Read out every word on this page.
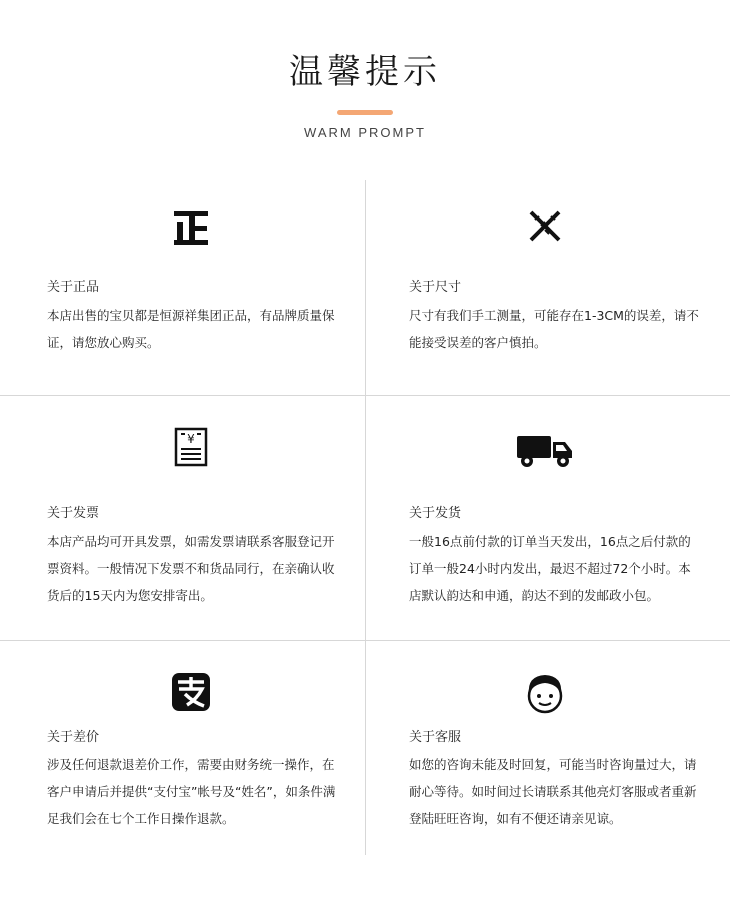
温馨提示
WARM PROMPT
关于正品
本店出售的宝贝都是恒源祥集团正品，有品牌质量保证，请您放心购买。
关于尺寸
尺寸有我们手工测量，可能存在1-3CM的误差，请不能接受误差的客户慎拍。
¥
关于发票
本店产品均可开具发票，如需发票请联系客服登记开票资料。一般情况下发票不和货品同行，在亲确认收货后的15天内为您安排寄出。
关于发货
一般16点前付款的订单当天发出，16点之后付款的订单一般24小时内发出，最迟不超过72个小时。本店默认韵达和申通，韵达不到的发邮政小包。
关于差价
涉及任何退款退差价工作，需要由财务统一操作，在客户申请后并提供“支付宝”帐号及“姓名”，如条件满足我们会在七个工作日操作退款。
关于客服
如您的咨询未能及时回复，可能当时咨询量过大，请耐心等待。如时间过长请联系其他亮灯客服或者重新登陆旺旺咨询，如有不便还请亲见谅。
